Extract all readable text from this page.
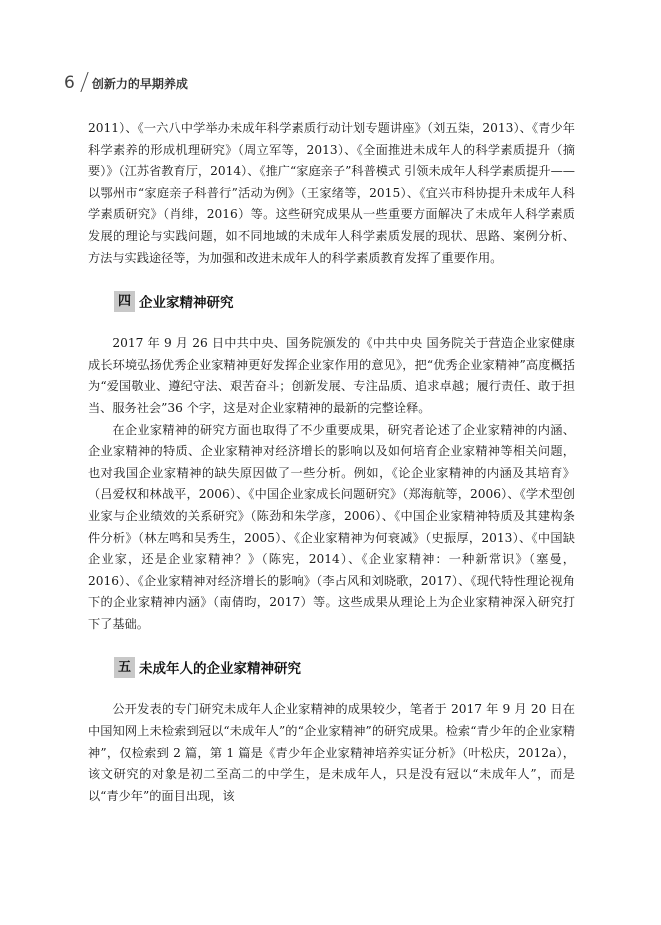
6 创新力的早期养成

2011）、《一六八中学举办未成年科学素质行动计划专题讲座》（刘五柒，2013）、《青少年科学素养的形成机理研究》（周立军等，2013）、《全面推进未成年人的科学素质提升（摘要）》（江苏省教育厅，2014）、《推广“家庭亲子”科普模式 引领未成年人科学素质提升——以鄂州市“家庭亲子科普行”活动为例》（王家绪等，2015）、《宜兴市科协提升未成年人科学素质研究》（肖绯，2016）等。这些研究成果从一些重要方面解决了未成年人科学素质发展的理论与实践问题，如不同地域的未成年人科学素质发展的现状、思路、案例分析、方法与实践途径等，为加强和改进未成年人的科学素质教育发挥了重要作用。

四 企业家精神研究

2017 年 9 月 26 日中共中央、国务院颁发的《中共中央 国务院关于营造企业家健康成长环境弘扬优秀企业家精神更好发挥企业家作用的意见》，把“优秀企业家精神”高度概括为“爱国敬业、遵纪守法、艰苦奋斗；创新发展、专注品质、追求卓越；履行责任、敢于担当、服务社会”36 个字，这是对企业家精神的最新的完整诠释。

在企业家精神的研究方面也取得了不少重要成果，研究者论述了企业家精神的内涵、企业家精神的特质、企业家精神对经济增长的影响以及如何培育企业家精神等相关问题，也对我国企业家精神的缺失原因做了一些分析。例如，《论企业家精神的内涵及其培育》（吕爱权和林战平，2006）、《中国企业家成长问题研究》（郑海航等，2006）、《学术型创业家与企业绩效的关系研究》（陈劲和朱学彦，2006）、《中国企业家精神特质及其建构条件分析》（林左鸣和吴秀生，2005）、《企业家精神为何衰减》（史振厚，2013）、《中国缺企业家，还是企业家精神？》（陈宪，2014）、《企业家精神：一种新常识》（塞曼，2016）、《企业家精神对经济增长的影响》（李占风和刘晓歌，2017）、《现代特性理论视角下的企业家精神内涵》（南倩昀，2017）等。这些成果从理论上为企业家精神深入研究打下了基础。

五 未成年人的企业家精神研究

公开发表的专门研究未成年人企业家精神的成果较少，笔者于 2017 年 9 月 20 日在中国知网上未检索到冠以“未成年人”的“企业家精神”的研究成果。检索“青少年的企业家精神”，仅检索到 2 篇，第 1 篇是《青少年企业家精神培养实证分析》（叶松庆，2012a），该文研究的对象是初二至高二的中学生，是未成年人，只是没有冠以“未成年人”，而是以“青少年”的面目出现，该
